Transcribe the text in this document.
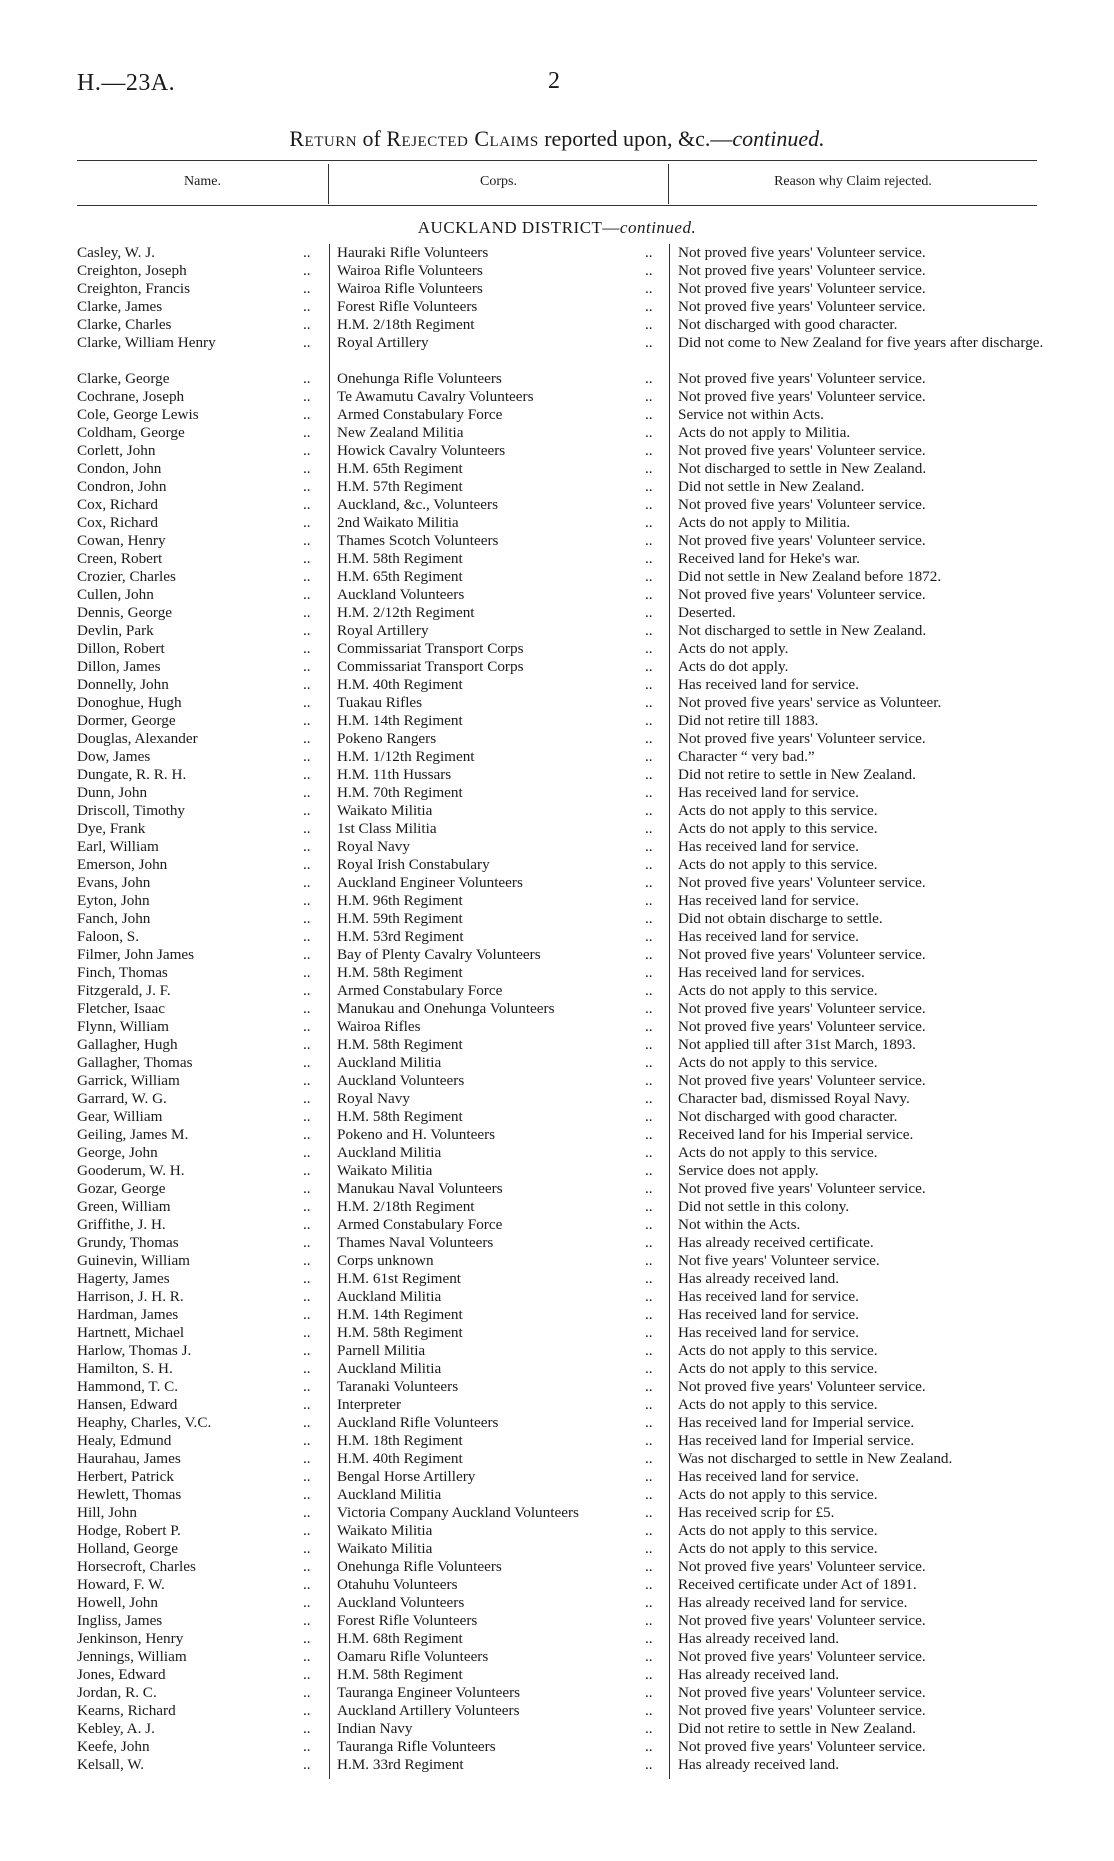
H.—23A.	2
Return of Rejected Claims reported upon, &c.—continued.
Name.	Corps.	Reason why Claim rejected.
AUCKLAND DISTRICT—continued.
Casley, W. J.	..	Hauraki Rifle Volunteers	..	Not proved five years' Volunteer service.
Creighton, Joseph	..	Wairoa Rifle Volunteers	..	Not proved five years' Volunteer service.
Creighton, Francis	..	Wairoa Rifle Volunteers	..	Not proved five years' Volunteer service.
Clarke, James	..	Forest Rifle Volunteers	..	Not proved five years' Volunteer service.
Clarke, Charles	..	H.M. 2/18th Regiment	..	Not discharged with good character.
Clarke, William Henry	..	Royal Artillery	..	Did not come to New Zealand for five years after discharge.
Clarke, George	..	Onehunga Rifle Volunteers	..	Not proved five years' Volunteer service.
Cochrane, Joseph	..	Te Awamutu Cavalry Volunteers	..	Not proved five years' Volunteer service.
Cole, George Lewis	..	Armed Constabulary Force	..	Service not within Acts.
Coldham, George	..	New Zealand Militia	..	Acts do not apply to Militia.
Corlett, John	..	Howick Cavalry Volunteers	..	Not proved five years' Volunteer service.
Condon, John	..	H.M. 65th Regiment	..	Not discharged to settle in New Zealand.
Condron, John	..	H.M. 57th Regiment	..	Did not settle in New Zealand.
Cox, Richard	..	Auckland, &c., Volunteers	..	Not proved five years' Volunteer service.
Cox, Richard	..	2nd Waikato Militia	..	Acts do not apply to Militia.
Cowan, Henry	..	Thames Scotch Volunteers	..	Not proved five years' Volunteer service.
Creen, Robert	..	H.M. 58th Regiment	..	Received land for Heke's war.
Crozier, Charles	..	H.M. 65th Regiment	..	Did not settle in New Zealand before 1872.
Cullen, John	..	Auckland Volunteers	..	Not proved five years' Volunteer service.
Dennis, George	..	H.M. 2/12th Regiment	..	Deserted.
Devlin, Park	..	Royal Artillery	..	Not discharged to settle in New Zealand.
Dillon, Robert	..	Commissariat Transport Corps	..	Acts do not apply.
Dillon, James	..	Commissariat Transport Corps	..	Acts do dot apply.
Donnelly, John	..	H.M. 40th Regiment	..	Has received land for service.
Donoghue, Hugh	..	Tuakau Rifles	..	Not proved five years' service as Volunteer.
Dormer, George	..	H.M. 14th Regiment	..	Did not retire till 1883.
Douglas, Alexander	..	Pokeno Rangers	..	Not proved five years' Volunteer service.
Dow, James	..	H.M. 1/12th Regiment	..	Character “ very bad.”
Dungate, R. R. H.	..	H.M. 11th Hussars	..	Did not retire to settle in New Zealand.
Dunn, John	..	H.M. 70th Regiment	..	Has received land for service.
Driscoll, Timothy	..	Waikato Militia	..	Acts do not apply to this service.
Dye, Frank	..	1st Class Militia	..	Acts do not apply to this service.
Earl, William	..	Royal Navy	..	Has received land for service.
Emerson, John	..	Royal Irish Constabulary	..	Acts do not apply to this service.
Evans, John	..	Auckland Engineer Volunteers	..	Not proved five years' Volunteer service.
Eyton, John	..	H.M. 96th Regiment	..	Has received land for service.
Fanch, John	..	H.M. 59th Regiment	..	Did not obtain discharge to settle.
Faloon, S.	..	H.M. 53rd Regiment	..	Has received land for service.
Filmer, John James	..	Bay of Plenty Cavalry Volunteers	..	Not proved five years' Volunteer service.
Finch, Thomas	..	H.M. 58th Regiment	..	Has received land for services.
Fitzgerald, J. F.	..	Armed Constabulary Force	..	Acts do not apply to this service.
Fletcher, Isaac	..	Manukau and Onehunga Volunteers	..	Not proved five years' Volunteer service.
Flynn, William	..	Wairoa Rifles	..	Not proved five years' Volunteer service.
Gallagher, Hugh	..	H.M. 58th Regiment	..	Not applied till after 31st March, 1893.
Gallagher, Thomas	..	Auckland Militia	..	Acts do not apply to this service.
Garrick, William	..	Auckland Volunteers	..	Not proved five years' Volunteer service.
Garrard, W. G.	..	Royal Navy	..	Character bad, dismissed Royal Navy.
Gear, William	..	H.M. 58th Regiment	..	Not discharged with good character.
Geiling, James M.	..	Pokeno and H. Volunteers	..	Received land for his Imperial service.
George, John	..	Auckland Militia	..	Acts do not apply to this service.
Gooderum, W. H.	..	Waikato Militia	..	Service does not apply.
Gozar, George	..	Manukau Naval Volunteers	..	Not proved five years' Volunteer service.
Green, William	..	H.M. 2/18th Regiment	..	Did not settle in this colony.
Griffithe, J. H.	..	Armed Constabulary Force	..	Not within the Acts.
Grundy, Thomas	..	Thames Naval Volunteers	..	Has already received certificate.
Guinevin, William	..	Corps unknown	..	Not five years' Volunteer service.
Hagerty, James	..	H.M. 61st Regiment	..	Has already received land.
Harrison, J. H. R.	..	Auckland Militia	..	Has received land for service.
Hardman, James	..	H.M. 14th Regiment	..	Has received land for service.
Hartnett, Michael	..	H.M. 58th Regiment	..	Has received land for service.
Harlow, Thomas J.	..	Parnell Militia	..	Acts do not apply to this service.
Hamilton, S. H.	..	Auckland Militia	..	Acts do not apply to this service.
Hammond, T. C.	..	Taranaki Volunteers	..	Not proved five years' Volunteer service.
Hansen, Edward	..	Interpreter	..	Acts do not apply to this service.
Heaphy, Charles, V.C.	..	Auckland Rifle Volunteers	..	Has received land for Imperial service.
Healy, Edmund	..	H.M. 18th Regiment	..	Has received land for Imperial service.
Haurahau, James	..	H.M. 40th Regiment	..	Was not discharged to settle in New Zealand.
Herbert, Patrick	..	Bengal Horse Artillery	..	Has received land for service.
Hewlett, Thomas	..	Auckland Militia	..	Acts do not apply to this service.
Hill, John	..	Victoria Company Auckland Volunteers	..	Has received scrip for £5.
Hodge, Robert P.	..	Waikato Militia	..	Acts do not apply to this service.
Holland, George	..	Waikato Militia	..	Acts do not apply to this service.
Horsecroft, Charles	..	Onehunga Rifle Volunteers	..	Not proved five years' Volunteer service.
Howard, F. W.	..	Otahuhu Volunteers	..	Received certificate under Act of 1891.
Howell, John	..	Auckland Volunteers	..	Has already received land for service.
Ingliss, James	..	Forest Rifle Volunteers	..	Not proved five years' Volunteer service.
Jenkinson, Henry	..	H.M. 68th Regiment	..	Has already received land.
Jennings, William	..	Oamaru Rifle Volunteers	..	Not proved five years' Volunteer service.
Jones, Edward	..	H.M. 58th Regiment	..	Has already received land.
Jordan, R. C.	..	Tauranga Engineer Volunteers	..	Not proved five years' Volunteer service.
Kearns, Richard	..	Auckland Artillery Volunteers	..	Not proved five years' Volunteer service.
Kebley, A. J.	..	Indian Navy	..	Did not retire to settle in New Zealand.
Keefe, John	..	Tauranga Rifle Volunteers	..	Not proved five years' Volunteer service.
Kelsall, W.	..	H.M. 33rd Regiment	..	Has already received land.
